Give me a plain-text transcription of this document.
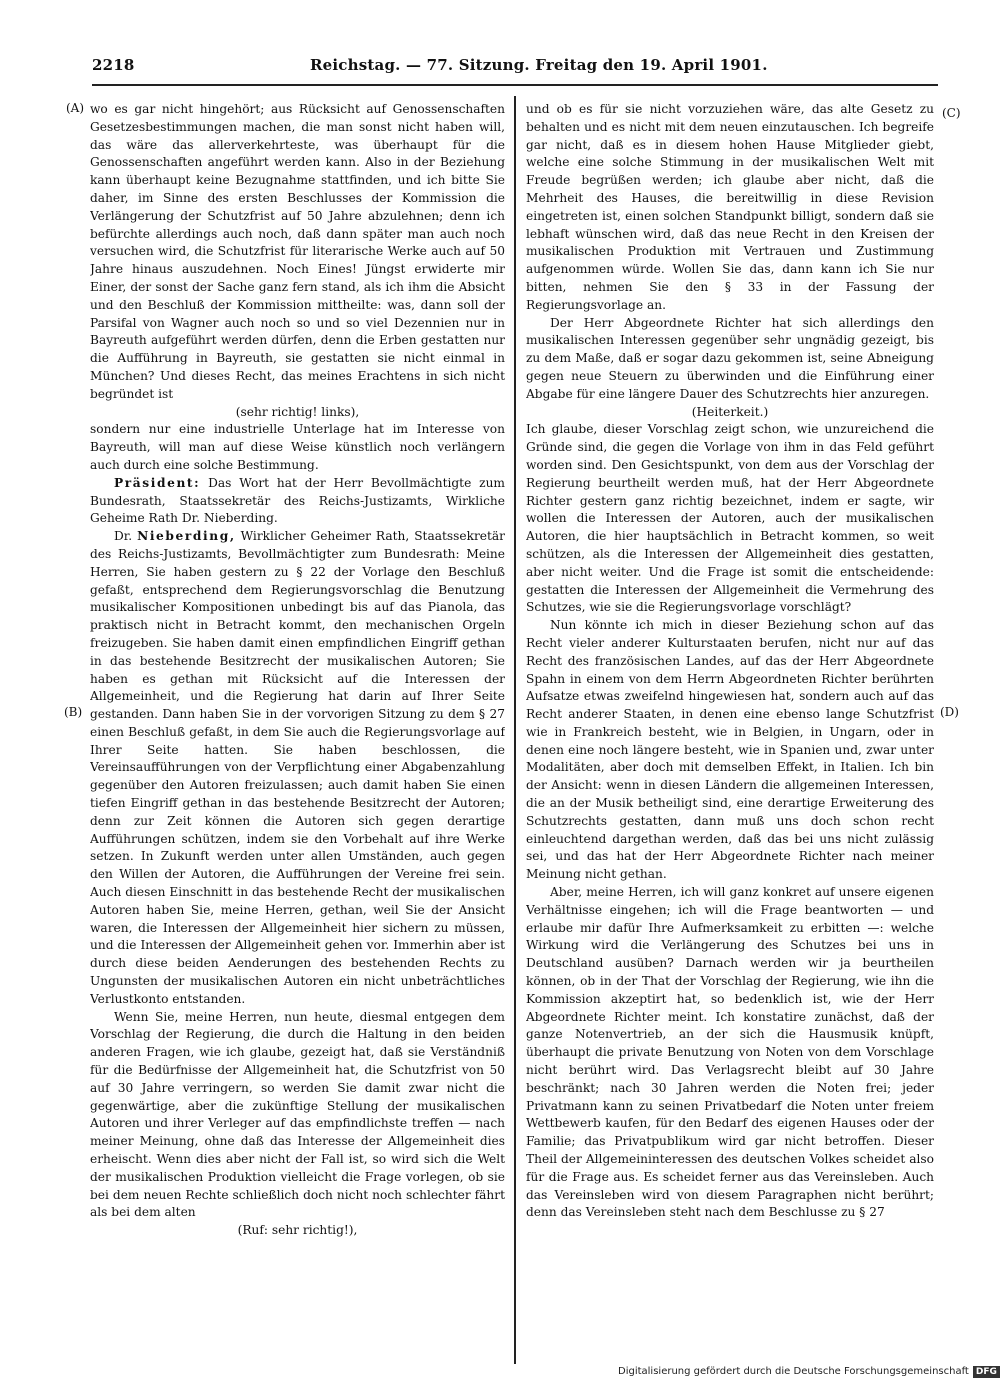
2218	Reichstag. — 77. Sitzung. Freitag den 19. April 1901.
(A)
(B)
(C)
(D)

wo es gar nicht hingehört; aus Rücksicht auf Genossenschaften Gesetzesbestimmungen machen, die man sonst nicht haben will, das wäre das allerverkehrteste, was überhaupt für die Genossenschaften angeführt werden kann. Also in der Beziehung kann überhaupt keine Bezugnahme stattfinden, und ich bitte Sie daher, im Sinne des ersten Beschlusses der Kommission die Verlängerung der Schutzfrist auf 50 Jahre abzulehnen; denn ich befürchte allerdings auch noch, daß dann später man auch noch versuchen wird, die Schutzfrist für literarische Werke auch auf 50 Jahre hinaus auszudehnen. Noch Eines! Jüngst erwiderte mir Einer, der sonst der Sache ganz fern stand, als ich ihm die Absicht und den Beschluß der Kommission mittheilte: was, dann soll der Parsifal von Wagner auch noch so und so viel Dezennien nur in Bayreuth aufgeführt werden dürfen, denn die Erben gestatten nur die Aufführung in Bayreuth, sie gestatten sie nicht einmal in München? Und dieses Recht, das meines Erachtens in sich nicht begründet ist

(sehr richtig! links),

sondern nur eine industrielle Unterlage hat im Interesse von Bayreuth, will man auf diese Weise künstlich noch verlängern auch durch eine solche Bestimmung.

Präsident: Das Wort hat der Herr Bevollmächtigte zum Bundesrath, Staatssekretär des Reichs-Justizamts, Wirkliche Geheime Rath Dr. Nieberding.

Dr. Nieberding, Wirklicher Geheimer Rath, Staatssekretär des Reichs-Justizamts, Bevollmächtigter zum Bundesrath: Meine Herren, Sie haben gestern zu § 22 der Vorlage den Beschluß gefaßt, entsprechend dem Regierungsvorschlag die Benutzung musikalischer Kompositionen unbedingt bis auf das Pianola, das praktisch nicht in Betracht kommt, den mechanischen Orgeln freizugeben. Sie haben damit einen empfindlichen Eingriff gethan in das bestehende Besitzrecht der musikalischen Autoren; Sie haben es gethan mit Rücksicht auf die Interessen der Allgemeinheit, und die Regierung hat darin auf Ihrer Seite gestanden. Dann haben Sie in der vorvorigen Sitzung zu dem § 27 einen Beschluß gefaßt, in dem Sie auch die Regierungsvorlage auf Ihrer Seite hatten. Sie haben beschlossen, die Vereinsaufführungen von der Verpflichtung einer Abgabenzahlung gegenüber den Autoren freizulassen; auch damit haben Sie einen tiefen Eingriff gethan in das bestehende Besitzrecht der Autoren; denn zur Zeit können die Autoren sich gegen derartige Aufführungen schützen, indem sie den Vorbehalt auf ihre Werke setzen. In Zukunft werden unter allen Umständen, auch gegen den Willen der Autoren, die Aufführungen der Vereine frei sein. Auch diesen Einschnitt in das bestehende Recht der musikalischen Autoren haben Sie, meine Herren, gethan, weil Sie der Ansicht waren, die Interessen der Allgemeinheit hier sichern zu müssen, und die Interessen der Allgemeinheit gehen vor. Immerhin aber ist durch diese beiden Aenderungen des bestehenden Rechts zu Ungunsten der musikalischen Autoren ein nicht unbeträchtliches Verlustkonto entstanden.

Wenn Sie, meine Herren, nun heute, diesmal entgegen dem Vorschlag der Regierung, die durch die Haltung in den beiden anderen Fragen, wie ich glaube, gezeigt hat, daß sie Verständniß für die Bedürfnisse der Allgemeinheit hat, die Schutzfrist von 50 auf 30 Jahre verringern, so werden Sie damit zwar nicht die gegenwärtige, aber die zukünftige Stellung der musikalischen Autoren und ihrer Verleger auf das empfindlichste treffen — nach meiner Meinung, ohne daß das Interesse der Allgemeinheit dies erheischt. Wenn dies aber nicht der Fall ist, so wird sich die Welt der musikalischen Produktion vielleicht die Frage vorlegen, ob sie bei dem neuen Rechte schließlich doch nicht noch schlechter fährt als bei dem alten

(Ruf: sehr richtig!),

und ob es für sie nicht vorzuziehen wäre, das alte Gesetz zu behalten und es nicht mit dem neuen einzutauschen. Ich begreife gar nicht, daß es in diesem hohen Hause Mitglieder giebt, welche eine solche Stimmung in der musikalischen Welt mit Freude begrüßen werden; ich glaube aber nicht, daß die Mehrheit des Hauses, die bereitwillig in diese Revision eingetreten ist, einen solchen Standpunkt billigt, sondern daß sie lebhaft wünschen wird, daß das neue Recht in den Kreisen der musikalischen Produktion mit Vertrauen und Zustimmung aufgenommen würde. Wollen Sie das, dann kann ich Sie nur bitten, nehmen Sie den § 33 in der Fassung der Regierungsvorlage an.

Der Herr Abgeordnete Richter hat sich allerdings den musikalischen Interessen gegenüber sehr ungnädig gezeigt, bis zu dem Maße, daß er sogar dazu gekommen ist, seine Abneigung gegen neue Steuern zu überwinden und die Einführung einer Abgabe für eine längere Dauer des Schutzrechts hier anzuregen.

(Heiterkeit.)

Ich glaube, dieser Vorschlag zeigt schon, wie unzureichend die Gründe sind, die gegen die Vorlage von ihm in das Feld geführt worden sind. Den Gesichtspunkt, von dem aus der Vorschlag der Regierung beurtheilt werden muß, hat der Herr Abgeordnete Richter gestern ganz richtig bezeichnet, indem er sagte, wir wollen die Interessen der Autoren, auch der musikalischen Autoren, die hier hauptsächlich in Betracht kommen, so weit schützen, als die Interessen der Allgemeinheit dies gestatten, aber nicht weiter. Und die Frage ist somit die entscheidende: gestatten die Interessen der Allgemeinheit die Vermehrung des Schutzes, wie sie die Regierungsvorlage vorschlägt?

Nun könnte ich mich in dieser Beziehung schon auf das Recht vieler anderer Kulturstaaten berufen, nicht nur auf das Recht des französischen Landes, auf das der Herr Abgeordnete Spahn in einem von dem Herrn Abgeordneten Richter berührten Aufsatze etwas zweifelnd hingewiesen hat, sondern auch auf das Recht anderer Staaten, in denen eine ebenso lange Schutzfrist wie in Frankreich besteht, wie in Belgien, in Ungarn, oder in denen eine noch längere besteht, wie in Spanien und, zwar unter Modalitäten, aber doch mit demselben Effekt, in Italien. Ich bin der Ansicht: wenn in diesen Ländern die allgemeinen Interessen, die an der Musik betheiligt sind, eine derartige Erweiterung des Schutzrechts gestatten, dann muß uns doch schon recht einleuchtend dargethan werden, daß das bei uns nicht zulässig sei, und das hat der Herr Abgeordnete Richter nach meiner Meinung nicht gethan.

Aber, meine Herren, ich will ganz konkret auf unsere eigenen Verhältnisse eingehen; ich will die Frage beantworten — und erlaube mir dafür Ihre Aufmerksamkeit zu erbitten —: welche Wirkung wird die Verlängerung des Schutzes bei uns in Deutschland ausüben? Darnach werden wir ja beurtheilen können, ob in der That der Vorschlag der Regierung, wie ihn die Kommission akzeptirt hat, so bedenklich ist, wie der Herr Abgeordnete Richter meint. Ich konstatire zunächst, daß der ganze Notenvertrieb, an der sich die Hausmusik knüpft, überhaupt die private Benutzung von Noten von dem Vorschlage nicht berührt wird. Das Verlagsrecht bleibt auf 30 Jahre beschränkt; nach 30 Jahren werden die Noten frei; jeder Privatmann kann zu seinen Privatbedarf die Noten unter freiem Wettbewerb kaufen, für den Bedarf des eigenen Hauses oder der Familie; das Privatpublikum wird gar nicht betroffen. Dieser Theil der Allgemeininteressen des deutschen Volkes scheidet also für die Frage aus. Es scheidet ferner aus das Vereinsleben. Auch das Vereinsleben wird von diesem Paragraphen nicht berührt; denn das Vereinsleben steht nach dem Beschlusse zu § 27

Digitalisierung gefördert durch die Deutsche Forschungsgemeinschaft DFG
